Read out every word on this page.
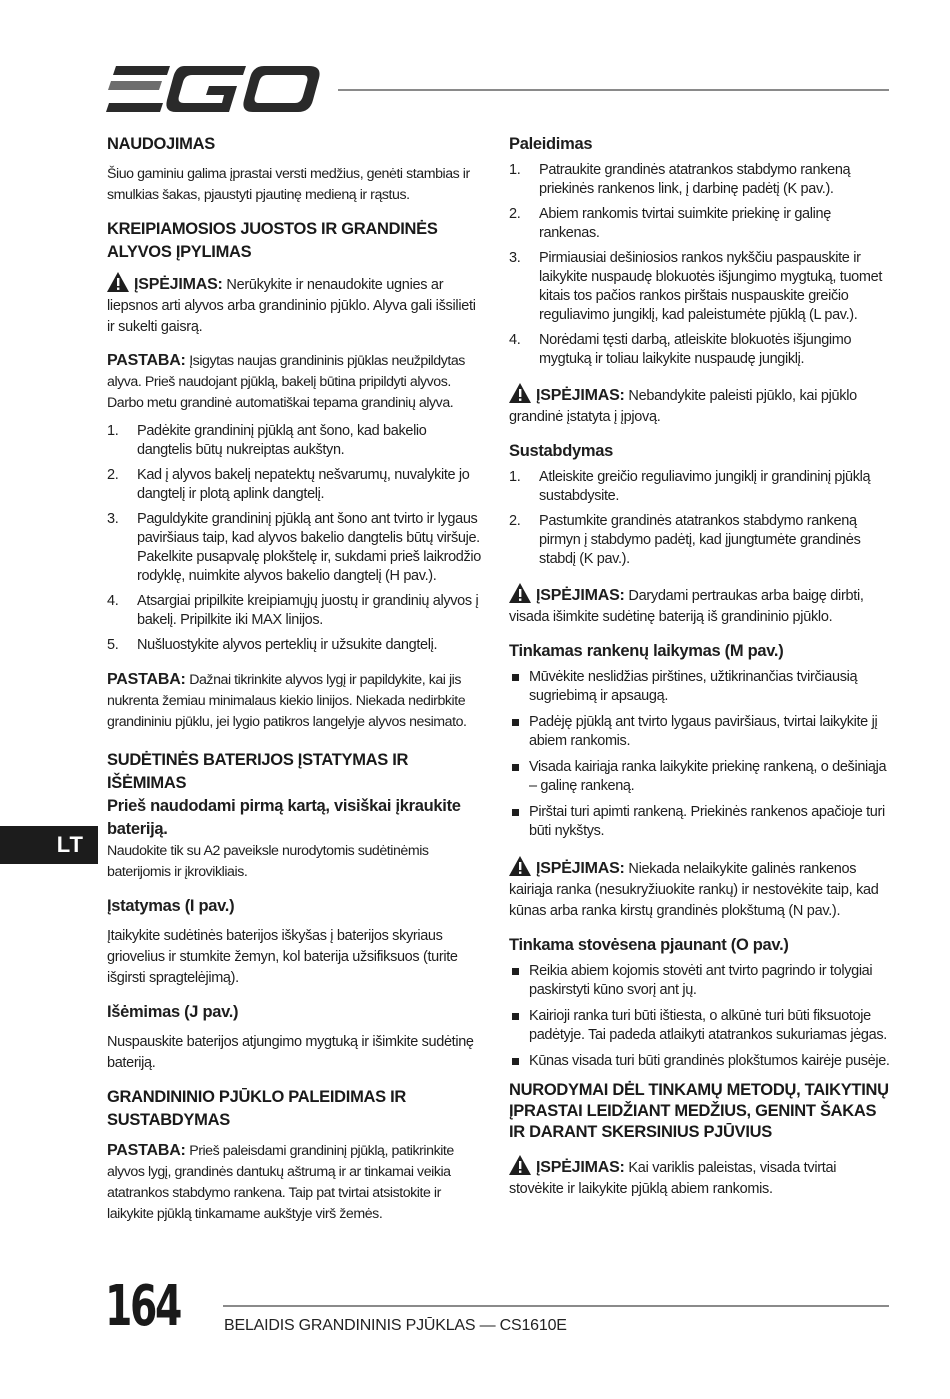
NAUDOJIMAS

Šiuo gaminiu galima įprastai versti medžius, genėti stambias ir smulkias šakas, pjaustyti pjautinę medieną ir rąstus.

KREIPIAMOSIOS JUOSTOS IR GRANDINĖS ALYVOS ĮPYLIMAS

ĮSPĖJIMAS: Nerūkykite ir nenaudokite ugnies ar liepsnos arti alyvos arba grandininio pjūklo. Alyva gali išsilieti ir sukelti gaisrą.

PASTABA: Įsigytas naujas grandininis pjūklas neužpildytas alyva. Prieš naudojant pjūklą, bakelį būtina pripildyti alyvos. Darbo metu grandinė automatiškai tepama grandinių alyva.

1. Padėkite grandininį pjūklą ant šono, kad bakelio dangtelis būtų nukreiptas aukštyn.
2. Kad į alyvos bakelį nepatektų nešvarumų, nuvalykite jo dangtelį ir plotą aplink dangtelį.
3. Paguldykite grandininį pjūklą ant šono ant tvirto ir lygaus paviršiaus taip, kad alyvos bakelio dangtelis būtų viršuje. Pakelkite pusapvalę plokštelę ir, sukdami prieš laikrodžio rodyklę, nuimkite alyvos bakelio dangtelį (H pav.).
4. Atsargiai pripilkite kreipiamųjų juostų ir grandinių alyvos į bakelį. Pripilkite iki MAX linijos.
5. Nušluostykite alyvos perteklių ir užsukite dangtelį.

PASTABA: Dažnai tikrinkite alyvos lygį ir papildykite, kai jis nukrenta žemiau minimalaus kiekio linijos. Niekada nedirbkite grandininiu pjūklu, jei lygio patikros langelyje alyvos nesimato.

SUDĖTINĖS BATERIJOS ĮSTATYMAS IR IŠĖMIMAS
Prieš naudodami pirmą kartą, visiškai įkraukite bateriją.

Naudokite tik su A2 paveiksle nurodytomis sudėtinėmis baterijomis ir įkrovikliais.

Įstatymas (I pav.)

Įtaikykite sudėtinės baterijos iškyšas į baterijos skyriaus griovelius ir stumkite žemyn, kol baterija užsifiksuos (turite išgirsti spragtelėjimą).

Išėmimas (J pav.)

Nuspauskite baterijos atjungimo mygtuką ir išimkite sudėtinę bateriją.

GRANDININIO PJŪKLO PALEIDIMAS IR SUSTABDYMAS

PASTABA: Prieš paleisdami grandininį pjūklą, patikrinkite alyvos lygį, grandinės dantukų aštrumą ir ar tinkamai veikia atatrankos stabdymo rankena. Taip pat tvirtai atsistokite ir laikykite pjūklą tinkamame aukštyje virš žemės.

Paleidimas
1. Patraukite grandinės atatrankos stabdymo rankeną priekinės rankenos link, į darbinę padėtį (K pav.).
2. Abiem rankomis tvirtai suimkite priekinę ir galinę rankenas.
3. Pirmiausiai dešiniosios rankos nykščiu paspauskite ir laikykite nuspaudę blokuotės išjungimo mygtuką, tuomet kitais tos pačios rankos pirštais nuspauskite greičio reguliavimo jungiklį, kad paleistumėte pjūklą (L pav.).
4. Norėdami tęsti darbą, atleiskite blokuotės išjungimo mygtuką ir toliau laikykite nuspaudę jungiklį.

ĮSPĖJIMAS: Nebandykite paleisti pjūklo, kai pjūklo grandinė įstatyta į įpjovą.

Sustabdymas
1. Atleiskite greičio reguliavimo jungiklį ir grandininį pjūklą sustabdysite.
2. Pastumkite grandinės atatrankos stabdymo rankeną pirmyn į stabdymo padėtį, kad įjungtumėte grandinės stabdį (K pav.).

ĮSPĖJIMAS: Darydami pertraukas arba baigę dirbti, visada išimkite sudėtinę bateriją iš grandininio pjūklo.

Tinkamas rankenų laikymas (M pav.)
Mūvėkite neslidžias pirštines, užtikrinančias tvirčiausią sugriebimą ir apsaugą.
Padėję pjūklą ant tvirto lygaus paviršiaus, tvirtai laikykite jį abiem rankomis.
Visada kairiąja ranka laikykite priekinę rankeną, o dešiniąja – galinę rankeną.
Pirštai turi apimti rankeną. Priekinės rankenos apačioje turi būti nykštys.

ĮSPĖJIMAS: Niekada nelaikykite galinės rankenos kairiąja ranka (nesukryžiuokite rankų) ir nestovėkite taip, kad kūnas arba ranka kirstų grandinės plokštumą (N pav.).

Tinkama stovėsena pjaunant (O pav.)
Reikia abiem kojomis stovėti ant tvirto pagrindo ir tolygiai paskirstyti kūno svorį ant jų.
Kairioji ranka turi būti ištiesta, o alkūnė turi būti fiksuotoje padėtyje. Tai padeda atlaikyti atatrankos sukuriamas jėgas.
Kūnas visada turi būti grandinės plokštumos kairėje pusėje.
NURODYMAI DĖL TINKAMŲ METODŲ, TAIKYTINŲ ĮPRASTAI LEIDŽIANT MEDŽIUS, GENINT ŠAKAS IR DARANT SKERSINIUS PJŪVIUS

ĮSPĖJIMAS: Kai variklis paleistas, visada tvirtai stovėkite ir laikykite pjūklą abiem rankomis.

LT
164	BELAIDIS GRANDININIS PJŪKLAS — CS1610E
